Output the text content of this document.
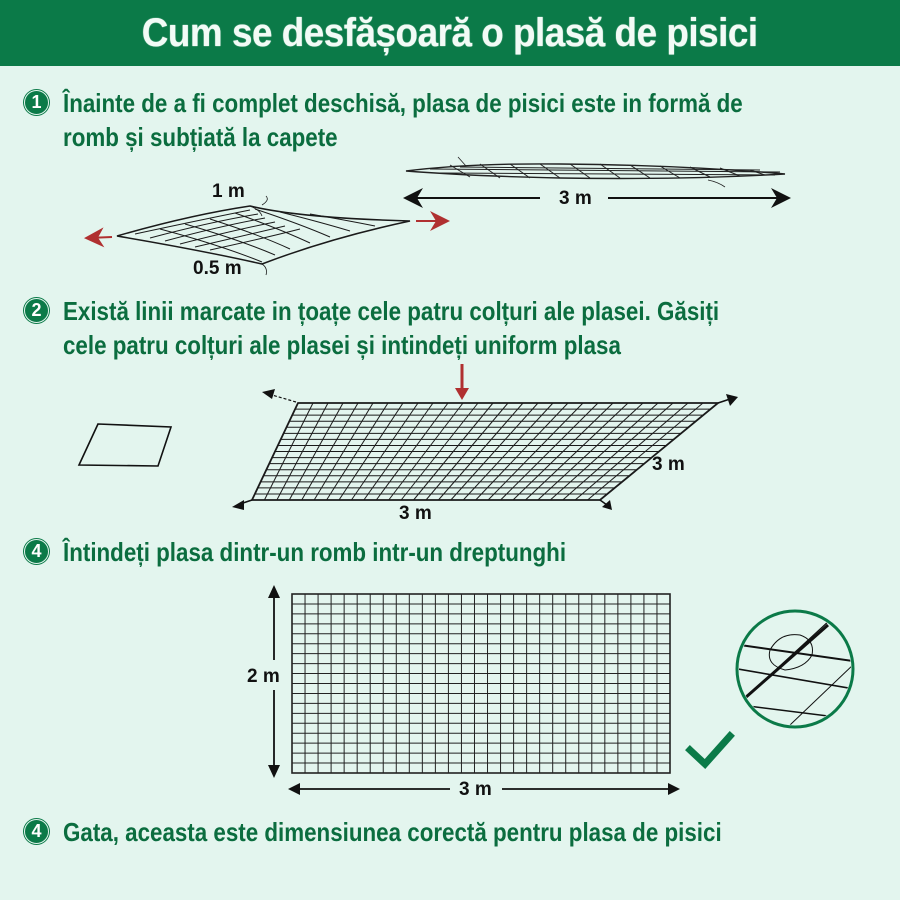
Cum se desfășoară o plasă de pisici
1 Înainte de a fi complet deschisă, plasa de pisici este in formă de
romb și subțiată la capete
1 m
0.5 m
3 m
2 Există linii marcate in țoațe cele patru colțuri ale plasei. Găsiți
cele patru colțuri ale plasei și intindeți uniform plasa
3 m
3 m
4 Întindeți plasa dintr-un romb intr-un dreptunghi
2 m
3 m
4 Gata, aceasta este dimensiunea corectă pentru plasa de pisici
